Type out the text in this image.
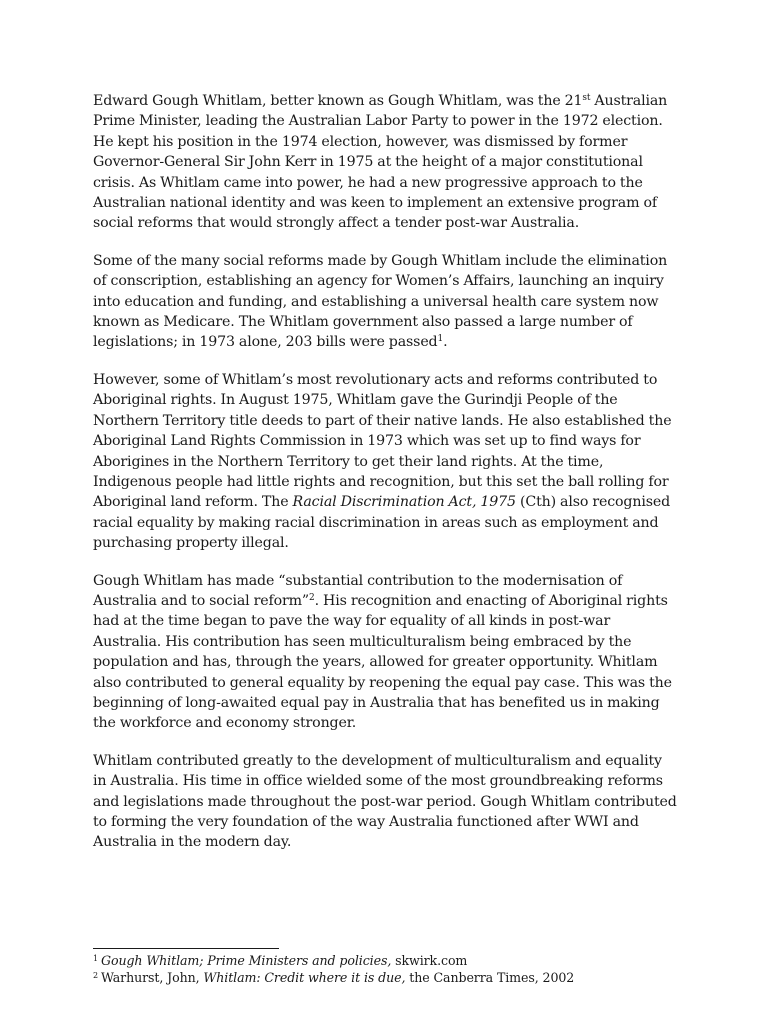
Edward Gough Whitlam, better known as Gough Whitlam, was the 21st Australian Prime Minister, leading the Australian Labor Party to power in the 1972 election. He kept his position in the 1974 election, however, was dismissed by former Governor-General Sir John Kerr in 1975 at the height of a major constitutional crisis. As Whitlam came into power, he had a new progressive approach to the Australian national identity and was keen to implement an extensive program of social reforms that would strongly affect a tender post-war Australia.

Some of the many social reforms made by Gough Whitlam include the elimination of conscription, establishing an agency for Women’s Affairs, launching an inquiry into education and funding, and establishing a universal health care system now known as Medicare. The Whitlam government also passed a large number of legislations; in 1973 alone, 203 bills were passed$^1$.

However, some of Whitlam’s most revolutionary acts and reforms contributed to Aboriginal rights. In August 1975, Whitlam gave the Gurindji People of the Northern Territory title deeds to part of their native lands. He also established the Aboriginal Land Rights Commission in 1973 which was set up to find ways for Aborigines in the Northern Territory to get their land rights. At the time, Indigenous people had little rights and recognition, but this set the ball rolling for Aboriginal land reform. The Racial Discrimination Act, 1975 (Cth) also recognised racial equality by making racial discrimination in areas such as employment and purchasing property illegal.

Gough Whitlam has made “substantial contribution to the modernisation of Australia and to social reform”$^2$. His recognition and enacting of Aboriginal rights had at the time began to pave the way for equality of all kinds in post-war Australia. His contribution has seen multiculturalism being embraced by the population and has, through the years, allowed for greater opportunity. Whitlam also contributed to general equality by reopening the equal pay case. This was the beginning of long-awaited equal pay in Australia that has benefited us in making the workforce and economy stronger.

Whitlam contributed greatly to the development of multiculturalism and equality in Australia. His time in office wielded some of the most groundbreaking reforms and legislations made throughout the post-war period. Gough Whitlam contributed to forming the very foundation of the way Australia functioned after WWI and Australia in the modern day.

$^1$ Gough Whitlam; Prime Ministers and policies, skwirk.com

$^2$ Warhurst, John, Whitlam: Credit where it is due, the Canberra Times, 2002
